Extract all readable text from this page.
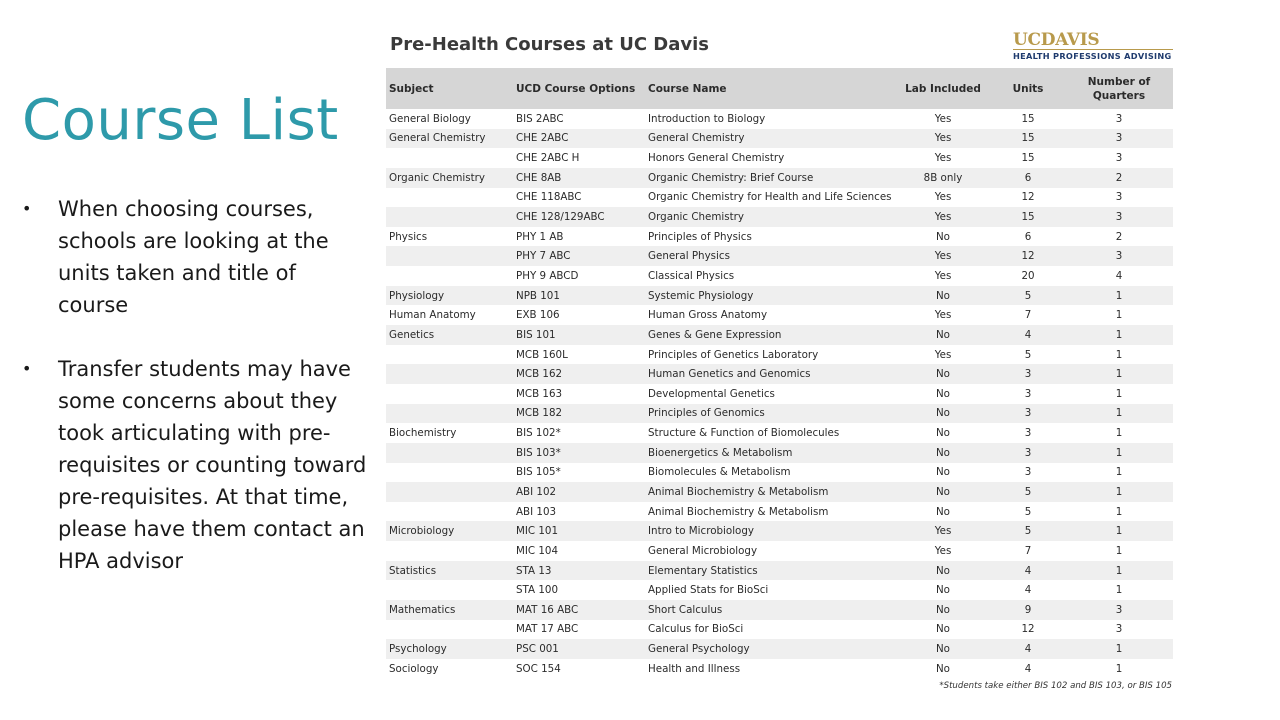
Course List
• When choosing courses, schools are looking at the units taken and title of course
• Transfer students may have some concerns about they took articulating with pre-requisites or counting toward pre-requisites. At that time, please have them contact an HPA advisor
Pre-Health Courses at UC Davis	UCDAVIS
HEALTH PROFESSIONS ADVISING
Subject	UCD Course Options	Course Name	Lab Included	Units	Number of Quarters
General Biology	BIS 2ABC	Introduction to Biology	Yes	15	3
General Chemistry	CHE 2ABC	General Chemistry	Yes	15	3
	CHE 2ABC H	Honors General Chemistry	Yes	15	3
Organic Chemistry	CHE 8AB	Organic Chemistry: Brief Course	8B only	6	2
	CHE 118ABC	Organic Chemistry for Health and Life Sciences	Yes	12	3
	CHE 128/129ABC	Organic Chemistry	Yes	15	3
Physics	PHY 1 AB	Principles of Physics	No	6	2
	PHY 7 ABC	General Physics	Yes	12	3
	PHY 9 ABCD	Classical Physics	Yes	20	4
Physiology	NPB 101	Systemic Physiology	No	5	1
Human Anatomy	EXB 106	Human Gross Anatomy	Yes	7	1
Genetics	BIS 101	Genes & Gene Expression	No	4	1
	MCB 160L	Principles of Genetics Laboratory	Yes	5	1
	MCB 162	Human Genetics and Genomics	No	3	1
	MCB 163	Developmental Genetics	No	3	1
	MCB 182	Principles of Genomics	No	3	1
Biochemistry	BIS 102*	Structure & Function of Biomolecules	No	3	1
	BIS 103*	Bioenergetics & Metabolism	No	3	1
	BIS 105*	Biomolecules & Metabolism	No	3	1
	ABI 102	Animal Biochemistry & Metabolism	No	5	1
	ABI 103	Animal Biochemistry & Metabolism	No	5	1
Microbiology	MIC 101	Intro to Microbiology	Yes	5	1
	MIC 104	General Microbiology	Yes	7	1
Statistics	STA 13	Elementary Statistics	No	4	1
	STA 100	Applied Stats for BioSci	No	4	1
Mathematics	MAT 16 ABC	Short Calculus	No	9	3
	MAT 17 ABC	Calculus for BioSci	No	12	3
Psychology	PSC 001	General Psychology	No	4	1
Sociology	SOC 154	Health and Illness	No	4	1
*Students take either BIS 102 and BIS 103, or BIS 105
